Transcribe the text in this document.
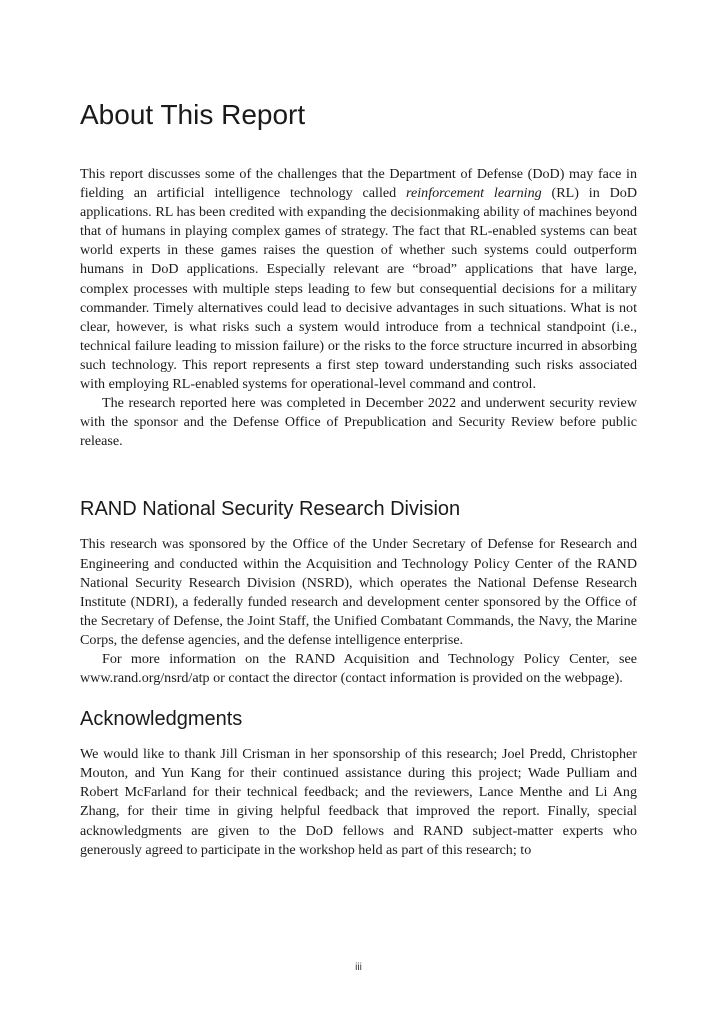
About This Report

This report discusses some of the challenges that the Department of Defense (DoD) may face in fielding an artificial intelligence technology called reinforcement learning (RL) in DoD applications. RL has been credited with expanding the decisionmaking ability of machines beyond that of humans in playing complex games of strategy. The fact that RL-enabled systems can beat world experts in these games raises the question of whether such systems could outperform humans in DoD applications. Especially relevant are “broad” applications that have large, complex processes with multiple steps leading to few but consequential decisions for a military commander. Timely alternatives could lead to decisive advantages in such situations. What is not clear, however, is what risks such a system would introduce from a technical standpoint (i.e., technical failure leading to mission failure) or the risks to the force structure incurred in absorbing such technology. This report represents a first step toward understanding such risks associated with employing RL-enabled systems for operational-level command and control.

The research reported here was completed in December 2022 and underwent security review with the sponsor and the Defense Office of Prepublication and Security Review before public release.

RAND National Security Research Division

This research was sponsored by the Office of the Under Secretary of Defense for Research and Engineering and conducted within the Acquisition and Technology Policy Center of the RAND National Security Research Division (NSRD), which operates the National Defense Research Institute (NDRI), a federally funded research and development center sponsored by the Office of the Secretary of Defense, the Joint Staff, the Unified Combatant Commands, the Navy, the Marine Corps, the defense agencies, and the defense intelligence enterprise.

For more information on the RAND Acquisition and Technology Policy Center, see www.rand.org/nsrd/atp or contact the director (contact information is provided on the webpage).

Acknowledgments

We would like to thank Jill Crisman in her sponsorship of this research; Joel Predd, Christopher Mouton, and Yun Kang for their continued assistance during this project; Wade Pulliam and Robert McFarland for their technical feedback; and the reviewers, Lance Menthe and Li Ang Zhang, for their time in giving helpful feedback that improved the report. Finally, special acknowledgments are given to the DoD fellows and RAND subject-matter experts who generously agreed to participate in the workshop held as part of this research; to

iii
